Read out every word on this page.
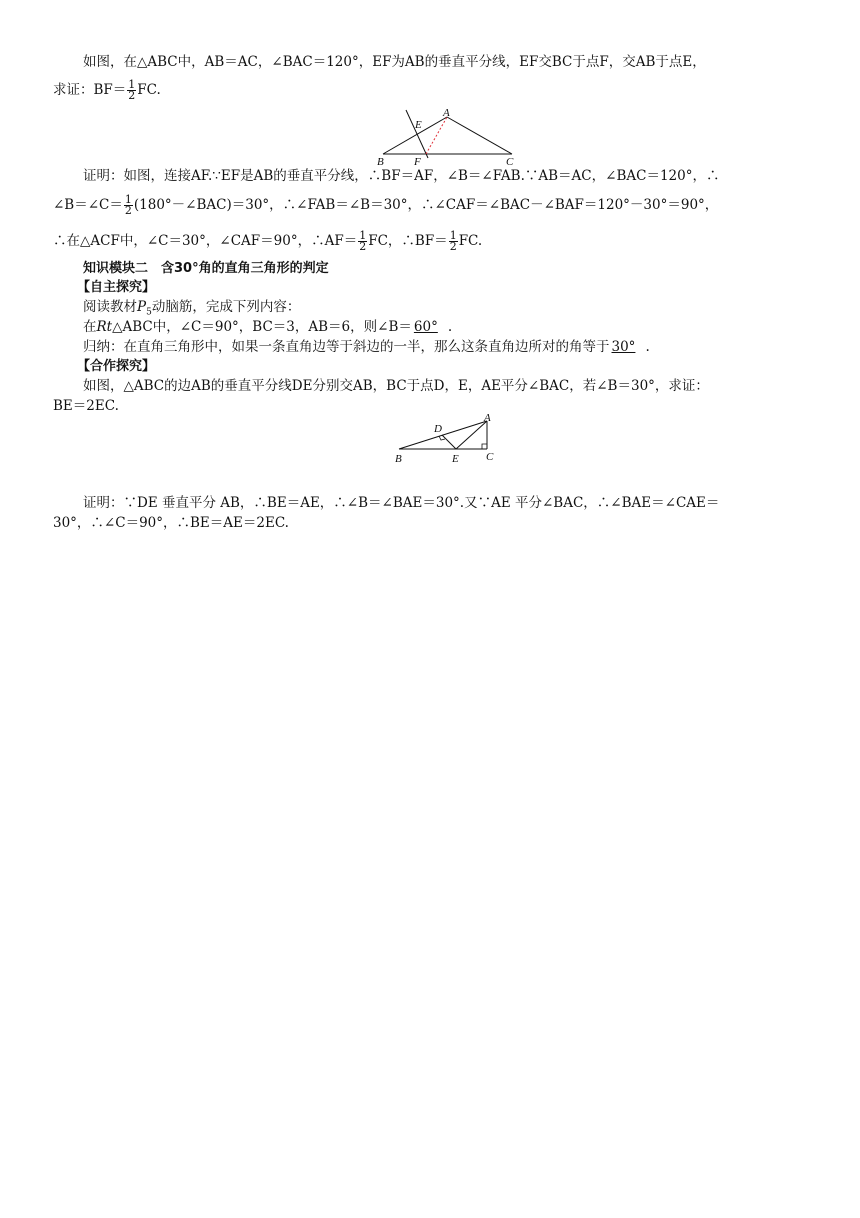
如图，在△ABC中，AB＝AC，∠BAC＝120°，EF为AB的垂直平分线，EF交BC于点F，交AB于点E，
求证：$BF= \frac{1}{2}$ FC.
A
E
B	F	C
证明：如图，连接AF.∵EF是AB的垂直平分线，∴BF＝AF，∠B＝∠FAB.∵AB＝AC，∠BAC＝120°，∴
∠B＝∠C＝ $\frac{1}{2}$ (180°－∠BAC)＝30°，∴∠FAB＝∠B＝30°，∴∠CAF＝∠BAC－∠BAF＝120°－30°＝90°，
∴在△ACF中，∠C＝30°，∠CAF＝90°，∴AF＝ $\frac{1}{2}$ FC，∴BF＝ $\frac{1}{2}$ FC.
知识模块二　含30°角的直角三角形的判定
【自主探究】
阅读教材$P_5$动脑筋，完成下列内容：
在Rt△ABC中，∠C＝90°，BC＝3，AB＝6，则∠B＝ 60° .
归纳：在直角三角形中，如果一条直角边等于斜边的一半，那么这条直角边所对的角等于 30° .
【合作探究】
如图，△ABC的边AB的垂直平分线DE分别交AB，BC于点D，E，AE平分∠BAC，若∠B＝30°，求证：
BE＝2EC.
A
D
B	E C
证明：∵DE 垂直平分 AB，∴BE＝AE，∴∠B＝∠BAE＝30°.又∵AE 平分∠BAC，∴∠BAE＝∠CAE＝
30°，∴∠C＝90°，∴BE＝AE＝2EC.
